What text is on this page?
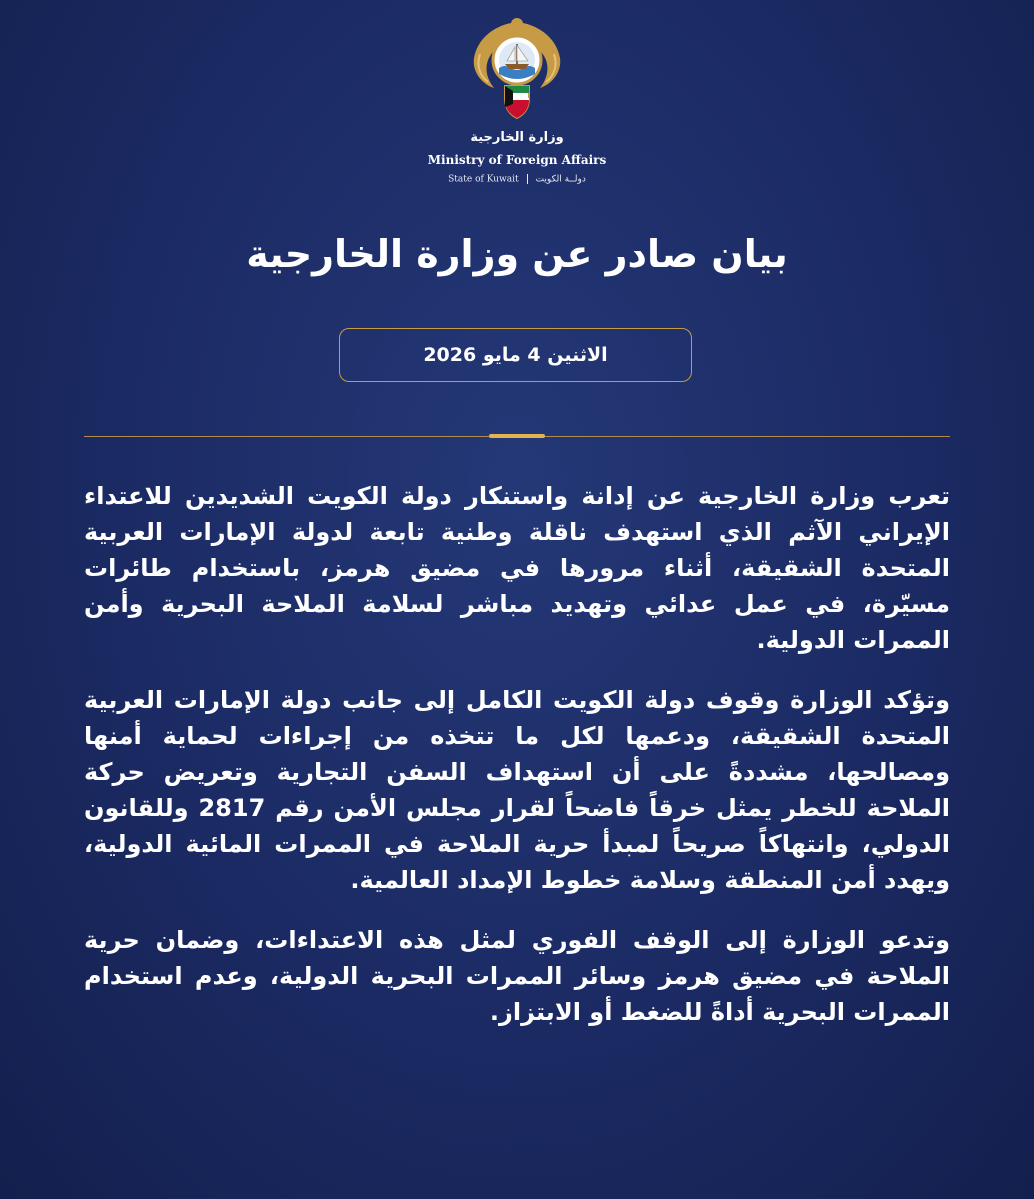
وزارة الخارجية
Ministry of Foreign Affairs
State of Kuwait دولــة الكويت
بيان صادر عن وزارة الخارجية
الاثنين 4 مايو 2026

تعرب وزارة الخارجية عن إدانة واستنكار دولة الكويت الشديدين للاعتداء الإيراني الآثم الذي استهدف ناقلة وطنية تابعة لدولة الإمارات العربية المتحدة الشقيقة، أثناء مرورها في مضيق هرمز، باستخدام طائرات مسيّرة، في عمل عدائي وتهديد مباشر لسلامة الملاحة البحرية وأمن الممرات الدولية.

وتؤكد الوزارة وقوف دولة الكويت الكامل إلى جانب دولة الإمارات العربية المتحدة الشقيقة، ودعمها لكل ما تتخذه من إجراءات لحماية أمنها ومصالحها، مشددةً على أن استهداف السفن التجارية وتعريض حركة الملاحة للخطر يمثل خرقاً فاضحاً لقرار مجلس الأمن رقم 2817 وللقانون الدولي، وانتهاكاً صريحاً لمبدأ حرية الملاحة في الممرات المائية الدولية، ويهدد أمن المنطقة وسلامة خطوط الإمداد العالمية.

وتدعو الوزارة إلى الوقف الفوري لمثل هذه الاعتداءات، وضمان حرية الملاحة في مضيق هرمز وسائر الممرات البحرية الدولية، وعدم استخدام الممرات البحرية أداةً للضغط أو الابتزاز.
